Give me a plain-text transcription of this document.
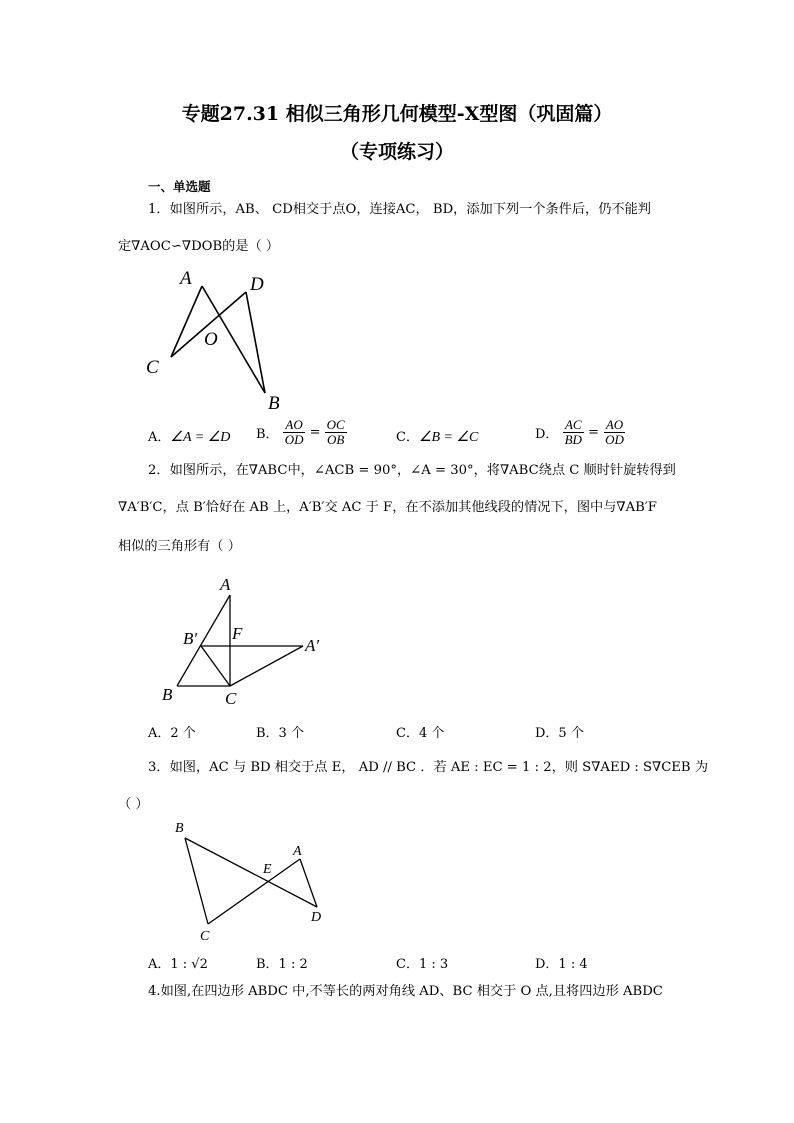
专题27.31 相似三角形几何模型-X型图（巩固篇）
（专项练习）
一、单选题
1．如图所示，AB、 CD相交于点O，连接AC， BD，添加下列一个条件后，仍不能判
定∇AOC∽∇DOB的是（ ）
A	D
O
C
B
A．∠A = ∠D B． $\frac{AO}{OD} = \frac{OC}{OB}$	C．∠B = ∠C	D． $\frac{AC}{BD} = \frac{AO}{OD}$
2．如图所示，在∇ABC中，∠ACB = 90°，∠A = 30°，将∇ABC绕点 C 顺时针旋转得到
∇A′B′C，点 B′恰好在 AB 上，A′B′交 AC 于 F，在不添加其他线段的情况下，图中与∇AB′F
相似的三角形有（ ）
A
B′ F
A′
B	C
A．2 个	B．3 个	C．4 个	D．5 个
3．如图，AC 与 BD 相交于点 E， AD // BC ．若 AE : EC = 1 : 2，则 S∇AED : S∇CEB 为
（ ）
B
A
E
D
C
A．1 : √2	B．1 : 2	C．1 : 3	D．1 : 4
4.如图,在四边形 ABDC 中,不等长的两对角线 AD、BC 相交于 O 点,且将四边形 ABDC
